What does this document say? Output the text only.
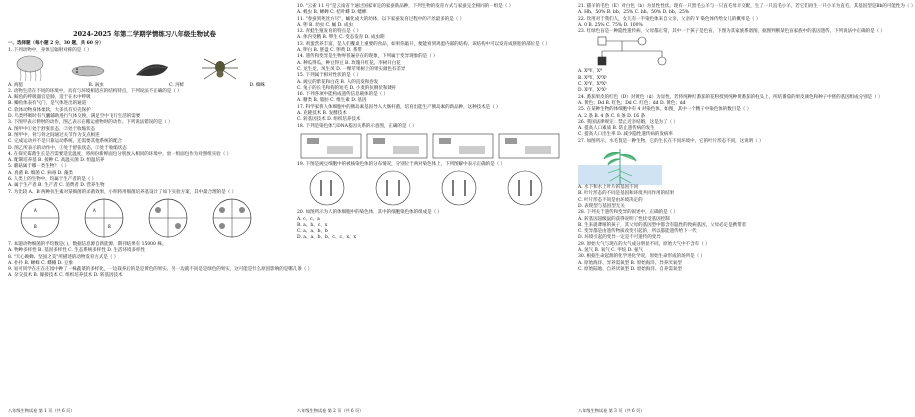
2024-2025 年第二学期学情练习八年级生物试卷
一、选择题（每小题 2 分，30 题，共 60 分）
1. 下列动物中，身体呈辐射对称的是（ ）
A. 海蜇	B. 涡虫	C. 河蚌	D. 蜘蛛
2. 动物生活在不同的环境中，具有与环境相适应的结构特点，下列说法不正确的是（ ）
A. 鲸鱼的呼吸器官是肺，适于在水中呼吸
B. 鲫鱼体表有气门，是气体进出的通道
C. 软体动物身体柔软，大多具有贝壳保护
D. 鸟类呼吸时有气囊辅助进行气体交换，满足空中飞行生活的需要
3. 下图甲表示伸肘的动作，图乙表示在搬运重物时的动作。下列说法错误的是（ ）
A. 图甲中①处于舒张状态，②处于收缩状态
B. 图甲中，骨与骨之间通过关节作为支点相连
C. 完成运动并不是只靠运动系统，还需要其他系统的配合
D. 图乙所表示的动作中，①处于舒张状态，②处于收缩状态
4. 在探究霉菌生长是否需要适宜温度，将两份新鲜面包分别放入相同的环境中，放一组面包作为对照组实验（ ）
A. 配制培养基 B. 接种 C. 高温灭菌 D. 恒温培养
5. 蘑菇属于哪一类生物？（ ）
A. 真菌 B. 细菌 C. 病毒 D. 藻类
6. 人类上的生物中，均属于生产者的是（ ）
A. 属于生产者 B. 生产者 C. 消费者 D. 营养生物
7. 为比较 A、B 两种抗生素对某细菌的杀菌效果，小明将用细菌培养基设计了如下实验方案，其中最合理的是（ ）
A
B
A
B
7. 本题动物细菌的平均数是( )，数据信息源自新能源，期刊结果有 15000 株。
A. 物种多样性 B. 基因多样性 C. 生态系统多样性 D. 生活环境多样性
8. "天心映蝉、坚固之美"所描述的动物发育方式是（ ）
A. 扑扑 B. 蝉蜂 C. 蝶蛾 D. 豆象
9. 易可同学在庄在庄园中种了一株蔬菜的多样化，一边栽养后的是是黄色的果实，另一边就不同是是绿色的果实，这可能是什么原因影响的是哪几条（ ）
A. 杂交技术 B. 嫁接技术 C. 组织培养技术 D. 转基因技术
10. "云雀 11 号"是云南省个通过国家审定的家蚕新品种，下列生物的发育方式与家蚕完全相同的一组是（ ）
A. 蝗虫 B. 蝉蝉 C. 桔叶蝶 D. 蟋蟀
11. "春蚕到死丝方尽"，蛹化成大的幼体，以下家蚕发育过程中的产丝最多的是（ ）
A. 卵 B. 幼虫 C. 蛹 D. 成虫
12. 青蛙生殖发育的特点是（ ）
A. 体内受精 B. 卵生 C. 变态发育 D. 成虫期
13. 鸡蛋营养丰富，是人们餐桌上重要的食品，如果你敲开，便能看到鸡蛋内部的结构，该结构中可以发育成胚胎的部位是（ ）
A. 卵白 B. 胚盘 C. 卵黄 D. 系带
14. 遗传和变异是生物界普遍存在的现象，下列属于变异现象的是（ ）
A. 种瓜得瓜，种豆得豆 B. 玫瑰开红花，李树开白花
C. 龙生龙，凤生凤 D. 一棵苹果树上的果实颜色有差异
15. 下列属于相对性状的是（ ）
A. 豌豆的紫花和白花 B. 人的直发和卷发
C. 兔子的长毛和狗的短毛 D. 小麦的抗倒伏和矮秆
16. 下列各项中能构成遗传信息载体的是（ ）
A. 糖类 B. 脂肪 C. 维生素 D. 基因
17. 科学家将人体细胞中的胰岛素基因导入大肠杆菌，培育出能生产胰岛素的新品种，这种技术是（ ）
A. 克隆技术 B. 发酵技术
C. 转基因技术 D. 组织培养技术
18. 下列是染色体与DNA基因关系的示意图，正确的是（ ）
19. 下图是豌豆细胞中的被核染色体的分布情况，分别位于两对染色体上，下列图解中表示正确的是（ ）
20. 如图所示为人的体细胞中的染色体，其中的细胞染色体的组成是（ ）
A. c、c、a
B. a、b、c、x
C. a、a、b、b
D. a、a、b、b、c、c、x、x
21. 猫羊的毛色（E）对白色（b）为显性性状。现有一只黑毛公羊与一只直毛母羊交配，生了一只直毛小羊，若它们再生一只小羊为直毛，其基因型是Bb的可能性为（ ）
A. Hh、50% B. bb、25% C. hh、50% D. bb、25%
22. 饮用对于我们人，女儿有一半染色体来自父亲，父亲的 Y 染色体传给女儿的概率是（ ）
A. 0 B. 25% C. 75% D. 100%
23. 红绿色盲是一种隐性遗传病，父母都正常，其中一个孩子是色盲，下图为其家族系谱图，据图判断某色盲家族中的基因遗传，下列说法中正确的是（ ）
A. XᴮY、Xᴮ
B. XᴮY、XᴮXᵇ
C. XᵇY、XᴮXᵇ
D. XᵇY、XᵇXᵇ
24. 番茄果皮的红色（D）对黄色（d）为显性，若将纯种红番茄的花粉授到纯种黄番茄的柱头上，所结番茄的果皮颜色和种子中胚的基因组成分别是（ ）
A. 黄色；Dd B. 红色；Dd C. 红色；dd D. 黄色；dd
25. 在某种生物的体细胞中有 4 对染色体，如图，其中一个精子中染色体的数目是（ ）
A. 2 条 B. 4 条 C. 8 条 D. 16 条
26. 我国法律规定：禁止近亲结婚，这是为了（ ）
A. 提高人口素质 B. 防止遗传病的发生
C. 提高人口出生率 D. 减少隐性遗传病的发病率
27. 如图所示，水毛茛是一种生物，它的生长在不同环境中，它的叶片形态不同，这说明（ ）
A. 水下和水上叶片的基因不同
B. 叶片形态的不同是基因和环境共同作用的结果
C. 叶片形态不同是由环境决定的
D. 表现型与基因型无关
28. 下列关于遗传和变异的叙述中，正确的是（ ）
A. 转基因超级鼠的获得说明了性状受基因控制
B. 生来就聋哑的孩子，其父母的基因型中都含有隐性的致病基因，父母必定是携带者
C. 变异都是由遗传物质改变引起的，所以都能遗传给下一代
D. 环境引起的变异一定是不可遗传的变异
29. 原始大气与现在的大气成分明显不同，原始大气中不含有（ ）
A. 氢气 B. 氧气 C. 甲烷 D. 氨气
30. 根据生命起源的化学进化学说，原始生命形成的场所是（ ）
A. 原始海洋、异养需氧型 B. 原始海洋、异养厌氧型
C. 原始陆地、自养厌氧型 D. 原始海洋、自养需氧型
八年级生物试卷 第 1 页（共 6 页）	八年级生物试卷 第 2 页（共 6 页）	八年级生物试卷 第 3 页（共 6 页）
